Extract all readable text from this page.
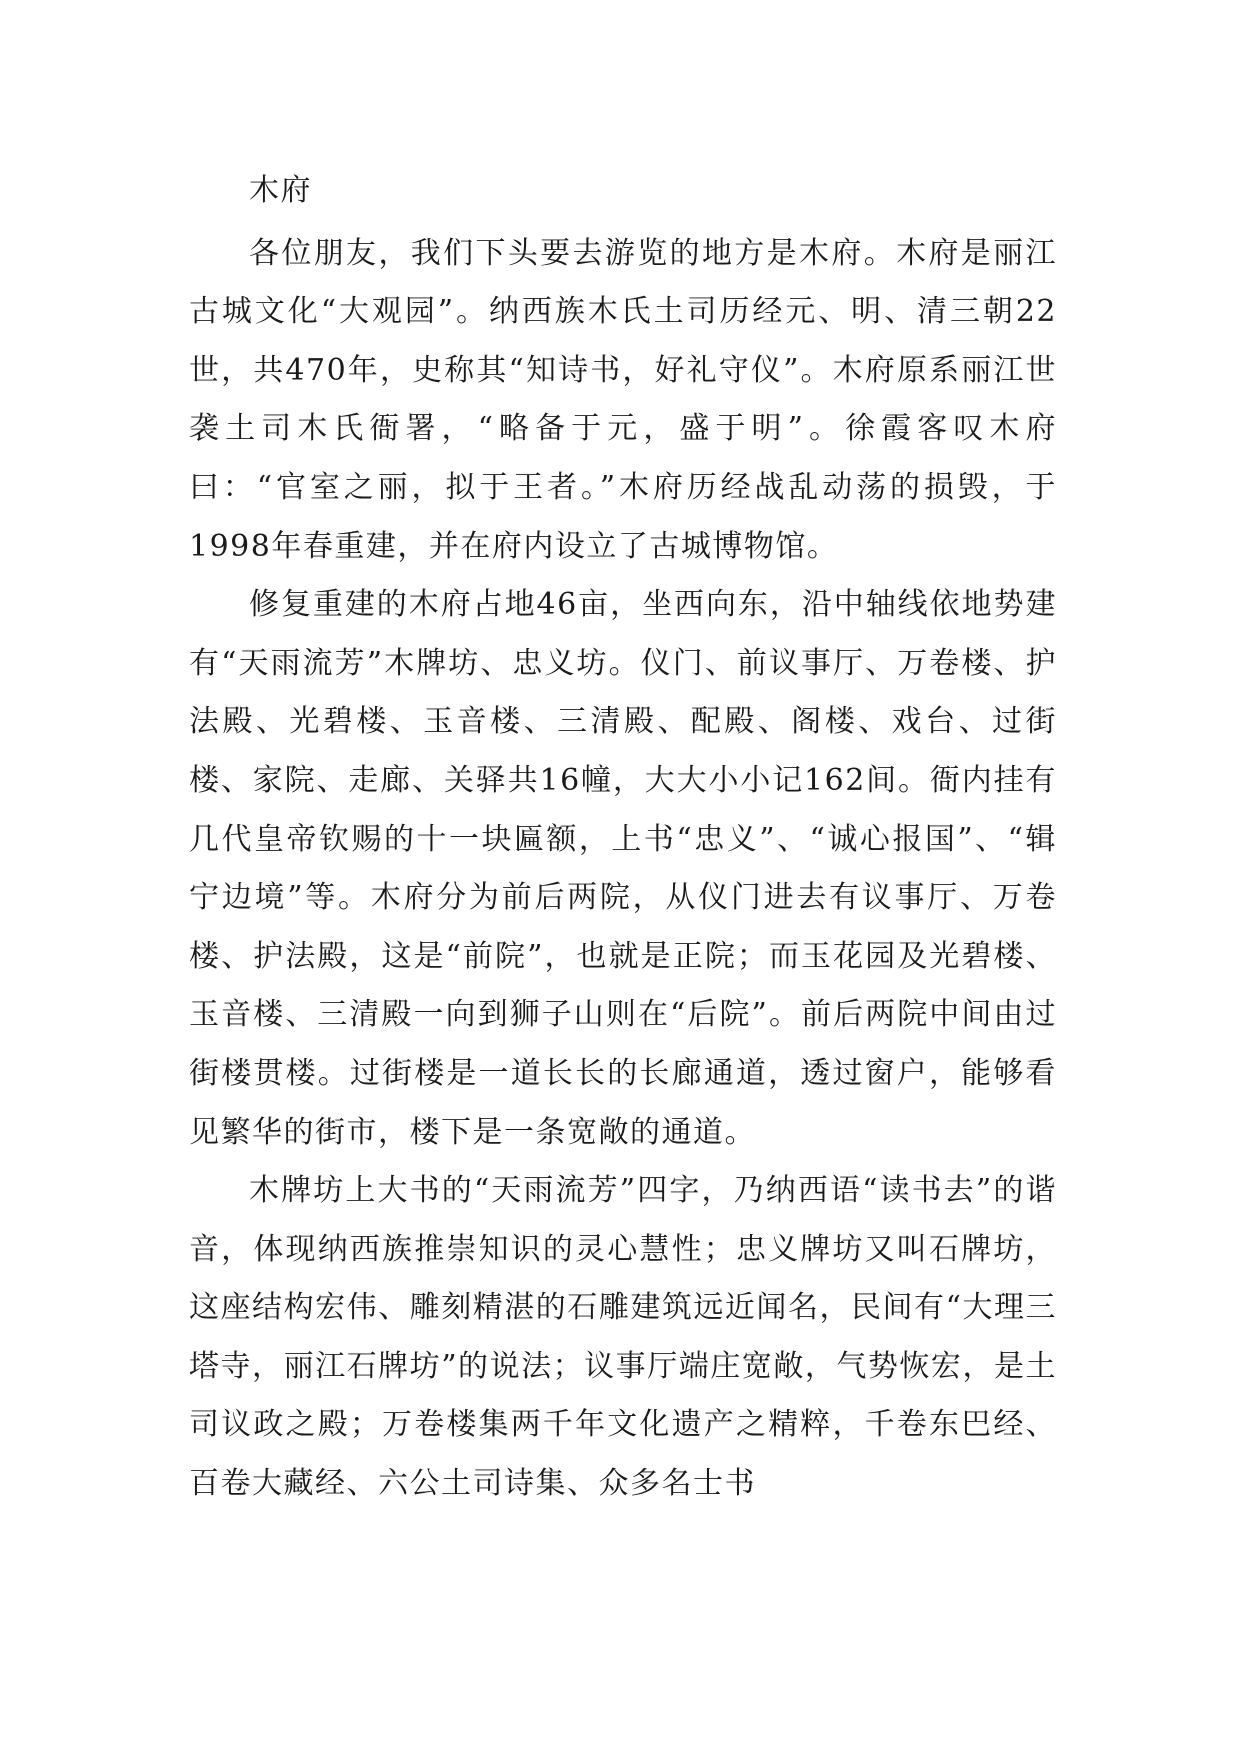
木府

各位朋友，我们下头要去游览的地方是木府。木府是丽江古城文化“大观园”。纳西族木氏土司历经元、明、清三朝22世，共470年，史称其“知诗书，好礼守仪”。木府原系丽江世袭土司木氏衙署，“略备于元，盛于明”。徐霞客叹木府曰：“官室之丽，拟于王者。”木府历经战乱动荡的损毁，于1998年春重建，并在府内设立了古城博物馆。

修复重建的木府占地46亩，坐西向东，沿中轴线依地势建有“天雨流芳”木牌坊、忠义坊。仪门、前议事厅、万卷楼、护法殿、光碧楼、玉音楼、三清殿、配殿、阁楼、戏台、过街楼、家院、走廊、关驿共16幢，大大小小记162间。衙内挂有几代皇帝钦赐的十一块匾额，上书“忠义”、“诚心报国”、“辑宁边境”等。木府分为前后两院，从仪门进去有议事厅、万卷楼、护法殿，这是“前院”，也就是正院；而玉花园及光碧楼、玉音楼、三清殿一向到狮子山则在“后院”。前后两院中间由过街楼贯楼。过街楼是一道长长的长廊通道，透过窗户，能够看见繁华的街市，楼下是一条宽敞的通道。

木牌坊上大书的“天雨流芳”四字，乃纳西语“读书去”的谐音，体现纳西族推崇知识的灵心慧性；忠义牌坊又叫石牌坊，这座结构宏伟、雕刻精湛的石雕建筑远近闻名，民间有“大理三塔寺，丽江石牌坊”的说法；议事厅端庄宽敞，气势恢宏，是土司议政之殿；万卷楼集两千年文化遗产之精粹，千卷东巴经、百卷大藏经、六公土司诗集、众多名士书
